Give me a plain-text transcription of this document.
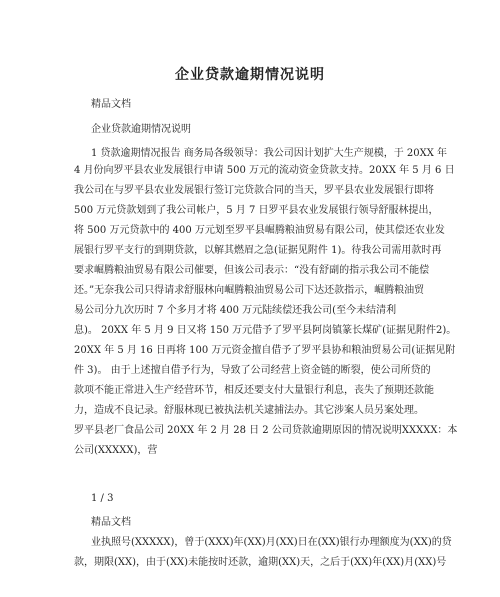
企业贷款逾期情况说明
精品文档
企业贷款逾期情况说明
1 贷款逾期情况报告 商务局各级领导：我公司因计划扩大生产规模，于 20XX 年
4 月份向罗平县农业发展银行申请 500 万元的流动资金贷款支持。20XX 年 5 月 6 日
我公司在与罗平县农业发展银行签订完贷款合同的当天，罗平县农业发展银行即将
500 万元贷款划到了我公司帐户，5 月 7 日罗平县农业发展银行领导舒服林提出，
将 500 万元贷款中的 400 万元划至罗平县崛腾粮油贸易有限公司，使其偿还农业发
展银行罗平支行的到期贷款，以解其燃眉之急(证据见附件 1)。待我公司需用款时再
要求崛腾粮油贸易有限公司催要，但该公司表示：“没有舒副的指示我公司不能偿
还。”无奈我公司只得请求舒服林向崛腾粮油贸易公司下达还款指示，崛腾粮油贸
易公司分九次历时 7 个多月才将 400 万元陆续偿还我公司(至今未结清利
息)。 20XX 年 5 月 9 日又将 150 万元借予了罗平县阿岗镇篆长煤矿(证据见附件2)。
20XX 年 5 月 16 日再将 100 万元资金擅自借予了罗平县协和粮油贸易公司(证据见附
件 3)。 由于上述擅自借予行为，导致了公司经营上资金链的断裂，使公司所贷的
款项不能正常进入生产经营环节，相反还要支付大量银行利息，丧失了预期还款能
力，造成不良记录。舒服林现已被执法机关逮捕法办。其它涉案人员另案处理。
罗平县老厂食品公司 20XX 年 2 月 28 日 2 公司贷款逾期原因的情况说明XXXXX：本
公司(XXXXX)，营
1 / 3
精品文档
业执照号(XXXXX)，曾于(XXX)年(XX)月(XX)日在(XX)银行办理额度为(XX)的贷
款，期限(XX)，由于(XX)未能按时还款，逾期(XX)天，之后于(XX)年(XX)月(XX)号
